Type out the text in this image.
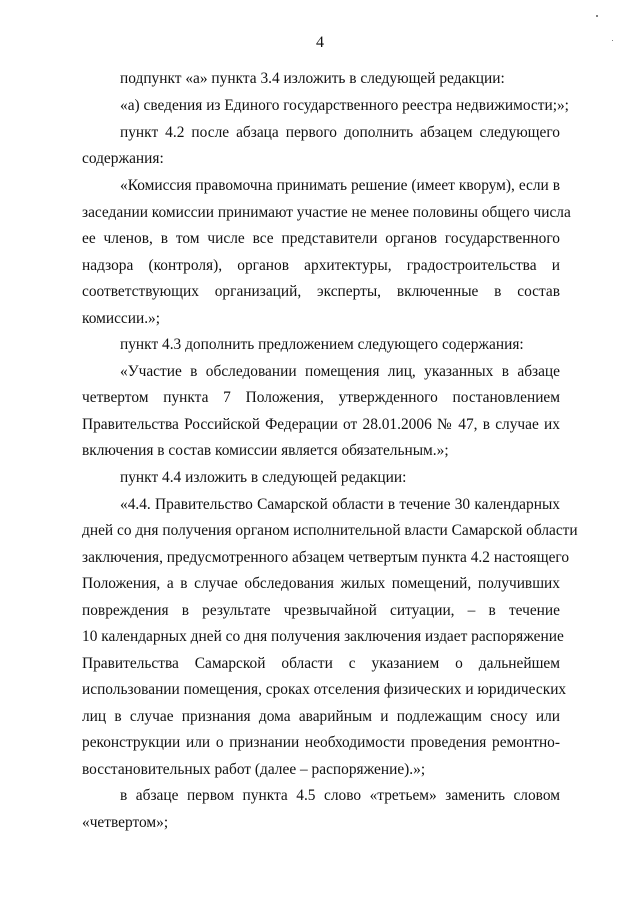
4
подпункт «а» пункта 3.4 изложить в следующей редакции:
«а) сведения из Единого государственного реестра недвижимости;»;
пункт 4.2 после абзаца первого дополнить абзацем следующего
содержания:
«Комиссия правомочна принимать решение (имеет кворум), если в
заседании комиссии принимают участие не менее половины общего числа
ее членов, в том числе все представители органов государственного
надзора (контроля), органов архитектуры, градостроительства и
соответствующих организаций, эксперты, включенные в состав
комиссии.»;
пункт 4.3 дополнить предложением следующего содержания:
«Участие в обследовании помещения лиц, указанных в абзаце
четвертом пункта 7 Положения, утвержденного постановлением
Правительства Российской Федерации от 28.01.2006 № 47, в случае их
включения в состав комиссии является обязательным.»;
пункт 4.4 изложить в следующей редакции:
«4.4. Правительство Самарской области в течение 30 календарных
дней со дня получения органом исполнительной власти Самарской области
заключения, предусмотренного абзацем четвертым пункта 4.2 настоящего
Положения, а в случае обследования жилых помещений, получивших
повреждения в результате чрезвычайной ситуации, – в течение
10 календарных дней со дня получения заключения издает распоряжение
Правительства Самарской области с указанием о дальнейшем
использовании помещения, сроках отселения физических и юридических
лиц в случае признания дома аварийным и подлежащим сносу или
реконструкции или о признании необходимости проведения ремонтно-
восстановительных работ (далее – распоряжение).»;
в абзаце первом пункта 4.5 слово «третьем» заменить словом
«четвертом»;
